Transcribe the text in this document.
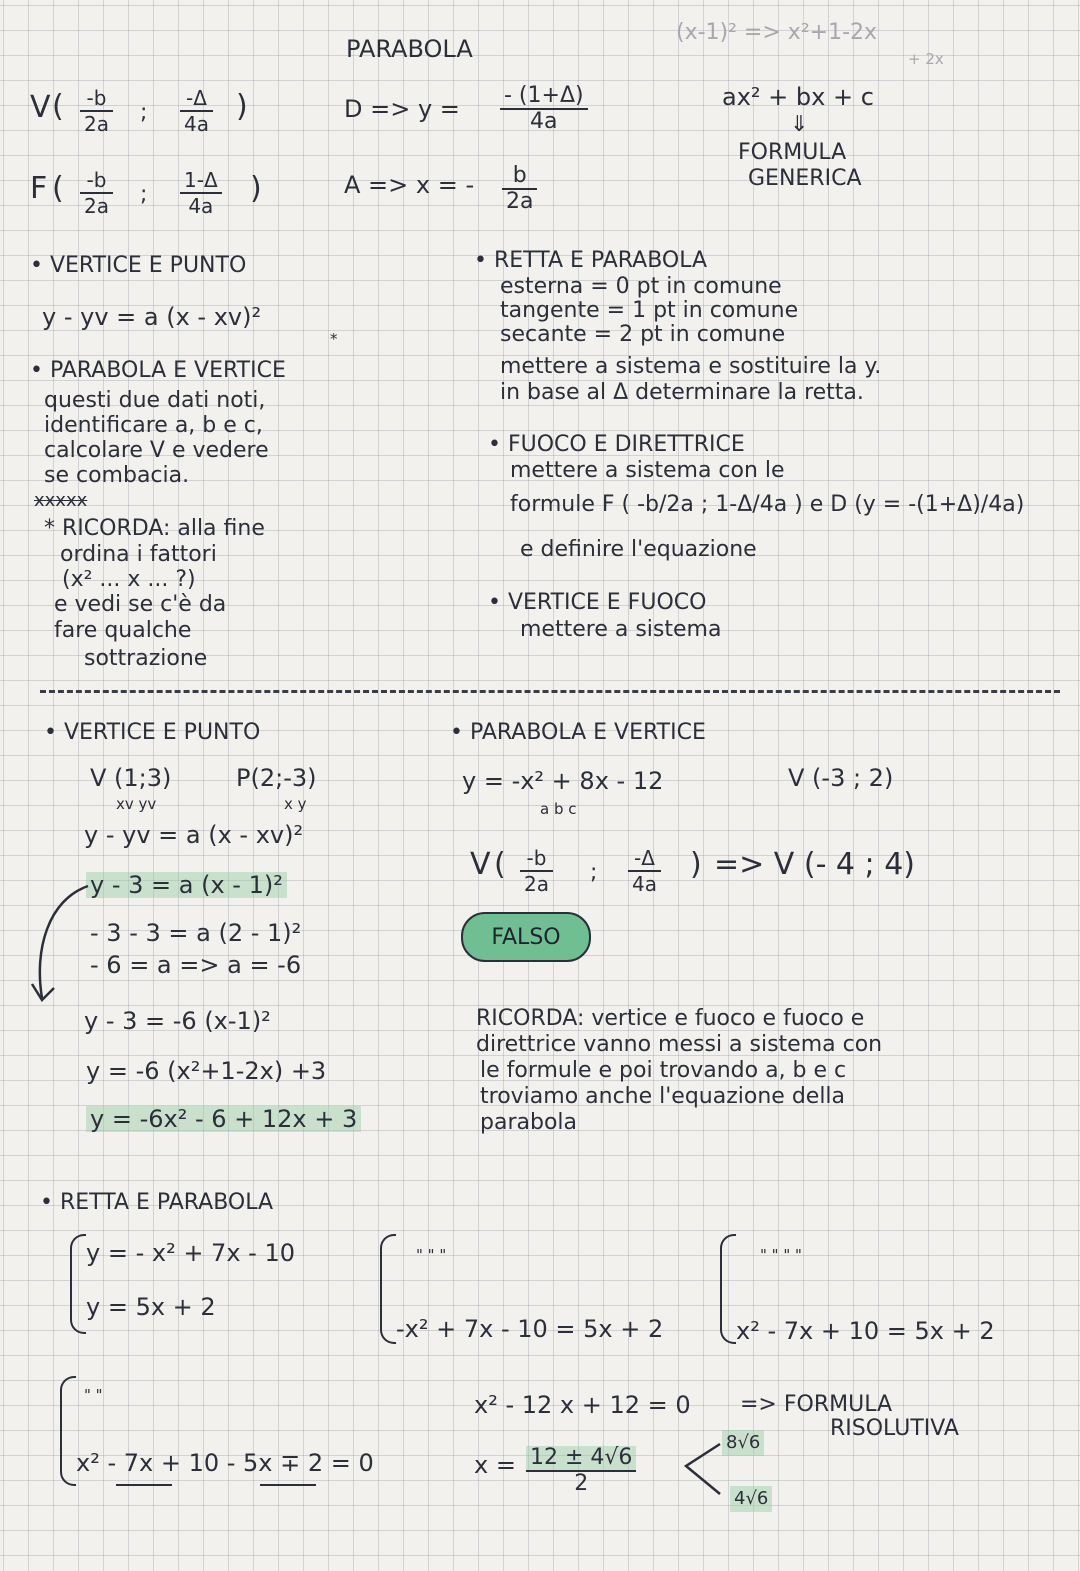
PARABOLA
(x-1)² => x²+1-2x
+ 2x
V ( $\frac{-b}{2a}$ ; $\frac{-\Delta}{4a}$ )
F ( $\frac{-b}{2a}$ ; $\frac{1-\Delta}{4a}$ )
$D => y = \frac{- (1+\Delta)}{4a}$
A => x = - $\frac{b}{2a}$
ax² + bx + c
⇓
FORMULA
GENERICA
• VERTICE E PUNTO
y - yv = a (x - xv)²
*
• PARABOLA E VERTICE
questi due dati noti,
identificare a, b e c,
calcolare V e vedere
se combacia.
xxxxx
* RICORDA: alla fine
ordina i fattori
(x² ... x ... ?)
e vedi se c'è da
fare qualche
sottrazione
• RETTA E PARABOLA
esterna = 0 pt in comune
tangente = 1 pt in comune
secante = 2 pt in comune
mettere a sistema e sostituire la y.
in base al Δ determinare la retta.
• FUOCO E DIRETTRICE
mettere a sistema con le
formule F ( -b/2a ; 1-Δ/4a ) e D (y = -(1+Δ)/4a)
e definire l'equazione
• VERTICE E FUOCO
mettere a sistema
• VERTICE E PUNTO
V (1;3)
xv yv
P(2;-3)
x y
y - yv = a (x - xv)²
y - 3 = a (x - 1)²
- 3 - 3 = a (2 - 1)²
- 6 = a => a = -6
y - 3 = -6 (x-1)²
y = -6 (x²+1-2x) +3
y = -6x² - 6 + 12x + 3
• PARABOLA E VERTICE
y = -x² + 8x - 12
a b c
V (-3 ; 2)
V ( $\frac{-b}{2a}$ ; $\frac{-\Delta}{4a}$ ) => V (- 4 ; 4)
FALSO
RICORDA: vertice e fuoco e fuoco e
direttrice vanno messi a sistema con
le formule e poi trovando a, b e c
troviamo anche l'equazione della
parabola
• RETTA E PARABOLA
y = - x² + 7x - 10
y = 5x + 2
" " "
-x² + 7x - 10 = 5x + 2
" " " "
x² - 7x + 10 = 5x + 2
" "
x² - 7x + 10 - 5x ∓ 2 = 0
x² - 12 x + 12 = 0 => FORMULA
RISOLUTIVA
$x = \frac{12 \pm 4√6}{2}$
8√6
4√6
